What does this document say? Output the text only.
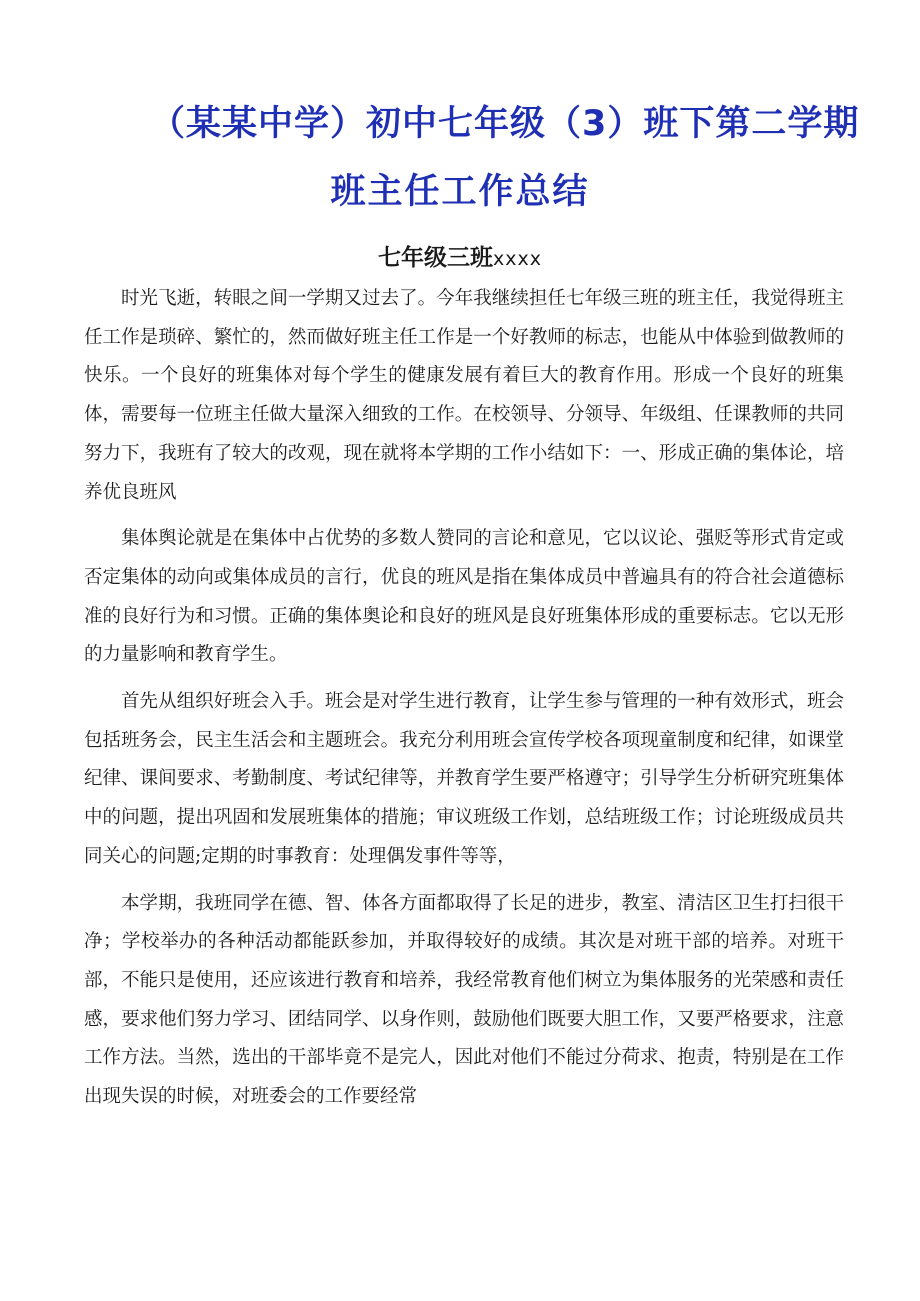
（某某中学）初中七年级（3）班下第二学期
班主任工作总结
七年级三班xxxx

时光飞逝，转眼之间一学期又过去了。今年我继续担任七年级三班的班主任，我觉得班主任工作是琐碎、繁忙的，然而做好班主任工作是一个好教师的标志，也能从中体验到做教师的快乐。一个良好的班集体对每个学生的健康发展有着巨大的教育作用。形成一个良好的班集体，需要每一位班主任做大量深入细致的工作。在校领导、分领导、年级组、任课教师的共同努力下，我班有了较大的改观，现在就将本学期的工作小结如下：一、形成正确的集体论，培养优良班风

集体舆论就是在集体中占优势的多数人赞同的言论和意见，它以议论、强贬等形式肯定或否定集体的动向或集体成员的言行，优良的班风是指在集体成员中普遍具有的符合社会道德标准的良好行为和习惯。正确的集体奥论和良好的班风是良好班集体形成的重要标志。它以无形的力量影响和教育学生。

首先从组织好班会入手。班会是对学生进行教育，让学生参与管理的一种有效形式，班会包括班务会，民主生活会和主题班会。我充分利用班会宣传学校各项现童制度和纪律，如课堂纪律、课间要求、考勤制度、考试纪律等，并教育学生要严格遵守；引导学生分析研究班集体中的问题，提出巩固和发展班集体的措施；审议班级工作划，总结班级工作；讨论班级成员共同关心的问题;定期的时事教育：处理偶发事件等等，

本学期，我班同学在德、智、体各方面都取得了长足的进步，教室、清洁区卫生打扫很干净；学校举办的各种活动都能跃参加，并取得较好的成绩。其次是对班干部的培养。对班干部，不能只是使用，还应该进行教育和培养，我经常教育他们树立为集体服务的光荣感和责任感，要求他们努力学习、团结同学、以身作则，鼓励他们既要大胆工作，又要严格要求，注意工作方法。当然，选出的干部毕竟不是完人，因此对他们不能过分荷求、抱责，特别是在工作出现失误的时候，对班委会的工作要经常
